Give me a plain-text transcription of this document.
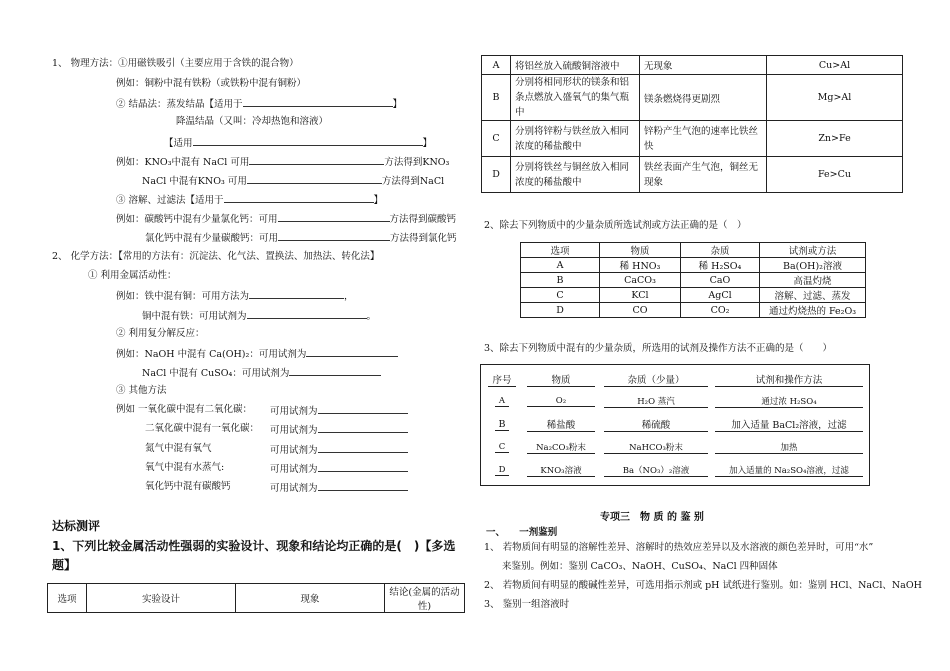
1、 物理方法：①用磁铁吸引（主要应用于含铁的混合物）
例如：铜粉中混有铁粉（或铁粉中混有铜粉）
② 结晶法：蒸发结晶【适用于	】
降温结晶（又叫：冷却热饱和溶液）
【适用	】
例如：KNO₃中混有 NaCl 可用	方法得到KNO₃
NaCl 中混有KNO₃ 可用	方法得到NaCl
③ 溶解、过滤法【适用于	】
例如：碳酸钙中混有少量氯化钙：可用	方法得到碳酸钙
氯化钙中混有少量碳酸钙：可用	方法得到氯化钙
2、 化学方法：【常用的方法有：沉淀法、化气法、置换法、加热法、转化法】
① 利用金属活动性：
例如：铁中混有铜：可用方法为	，
铜中混有铁：可用试剂为	。
② 利用复分解反应：
例如：NaOH 中混有 Ca(OH)₂：可用试剂为
NaCl 中混有 CuSO₄：可用试剂为
③ 其他方法
例如 一氧化碳中混有二氧化碳： 可用试剂为
二氧化碳中混有一氧化碳： 可用试剂为
氮气中混有氧气	可用试剂为
氧气中混有水蒸气:	可用试剂为
氧化钙中混有碳酸钙	可用试剂为
达标测评
1、下列比较金属活动性强弱的实验设计、现象和结论均正确的是(　)【多选题】
选项	实验设计	现象	结论(金属的活动性)
A	将铝丝放入硫酸铜溶液中	无现象	Cu>Al
B	分别将相同形状的镁条和铝条点燃放入盛氧气的集气瓶中	镁条燃烧得更剧烈	Mg>Al
C	分别将锌粉与铁丝放入相同浓度的稀盐酸中	锌粉产生气泡的速率比铁丝快	Zn>Fe
D	分别将铁丝与铜丝放入相同浓度的稀盐酸中	铁丝表面产生气泡，铜丝无现象	Fe>Cu
2、除去下列物质中的少量杂质所选试剂或方法正确的是（　）
选项	物质	杂质	试剂或方法
A	稀 HNO₃	稀 H₂SO₄	Ba(OH)₂溶液
B	CaCO₃	CaO	高温灼烧
C	KCl	AgCl	溶解、过滤、蒸发
D	CO	CO₂	通过灼烧热的 Fe₂O₃
3、除去下列物质中混有的少量杂质，所选用的试剂及操作方法不正确的是（　　）
序号	物质	杂质（少量）	试剂和操作方法
A	O₂	H₂O 蒸汽	通过浓 H₂SO₄
B	稀盐酸	稀硫酸	加入适量 BaCl₂溶液，过滤
C	Na₂CO₃粉末	NaHCO₃粉末	加热
D	KNO₃溶液	Ba（NO₃）₂溶液	加入适量的 Na₂SO₄溶液，过滤
专项三　物 质 的 鉴 别
一、　　一剂鉴别
1、 若物质间有明显的溶解性差异、溶解时的热效应差异以及水溶液的颜色差异时，可用“水”
来鉴别。例如：鉴别 CaCO₃、NaOH、CuSO₄、NaCl 四种固体
2、 若物质间有明显的酸碱性差异，可选用指示剂或 pH 试纸进行鉴别。如：鉴别 HCl、NaCl、NaOH
3、 鉴别一组溶液时
